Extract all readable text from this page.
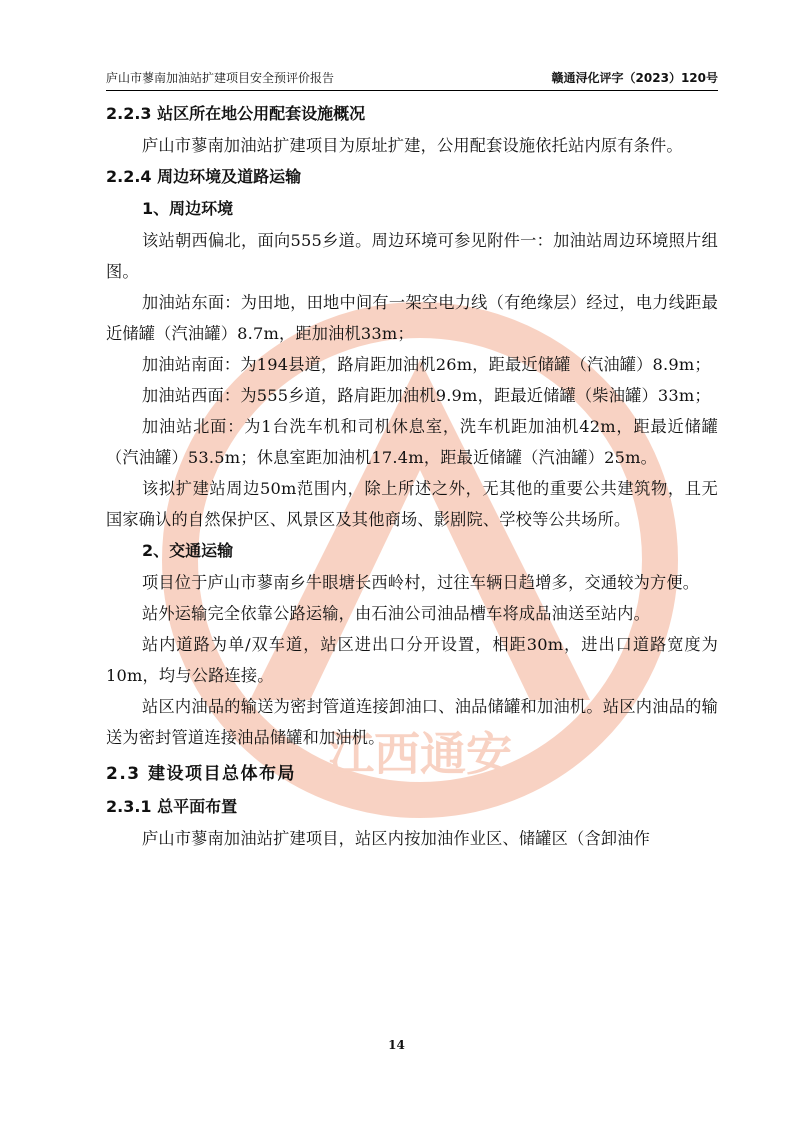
庐山市蓼南加油站扩建项目安全预评价报告	赣通浔化评字（2023）120号
江西通安
2.2.3 站区所在地公用配套设施概况
庐山市蓼南加油站扩建项目为原址扩建，公用配套设施依托站内原有条件。
2.2.4 周边环境及道路运输
1、周边环境
该站朝西偏北，面向555乡道。周边环境可参见附件一：加油站周边环境照片组图。
加油站东面：为田地，田地中间有一架空电力线（有绝缘层）经过，电力线距最近储罐（汽油罐）8.7m，距加油机33m；
加油站南面：为194县道，路肩距加油机26m，距最近储罐（汽油罐）8.9m；
加油站西面：为555乡道，路肩距加油机9.9m，距最近储罐（柴油罐）33m；
加油站北面：为1台洗车机和司机休息室，洗车机距加油机42m，距最近储罐（汽油罐）53.5m；休息室距加油机17.4m，距最近储罐（汽油罐）25m。
该拟扩建站周边50m范围内，除上所述之外，无其他的重要公共建筑物，且无国家确认的自然保护区、风景区及其他商场、影剧院、学校等公共场所。
2、交通运输
项目位于庐山市蓼南乡牛眼塘长西岭村，过往车辆日趋增多，交通较为方便。
站外运输完全依靠公路运输，由石油公司油品槽车将成品油送至站内。
站内道路为单/双车道，站区进出口分开设置，相距30m，进出口道路宽度为10m，均与公路连接。
站区内油品的输送为密封管道连接卸油口、油品储罐和加油机。站区内油品的输送为密封管道连接油品储罐和加油机。
2.3 建设项目总体布局
2.3.1 总平面布置
庐山市蓼南加油站扩建项目，站区内按加油作业区、储罐区（含卸油作
14
